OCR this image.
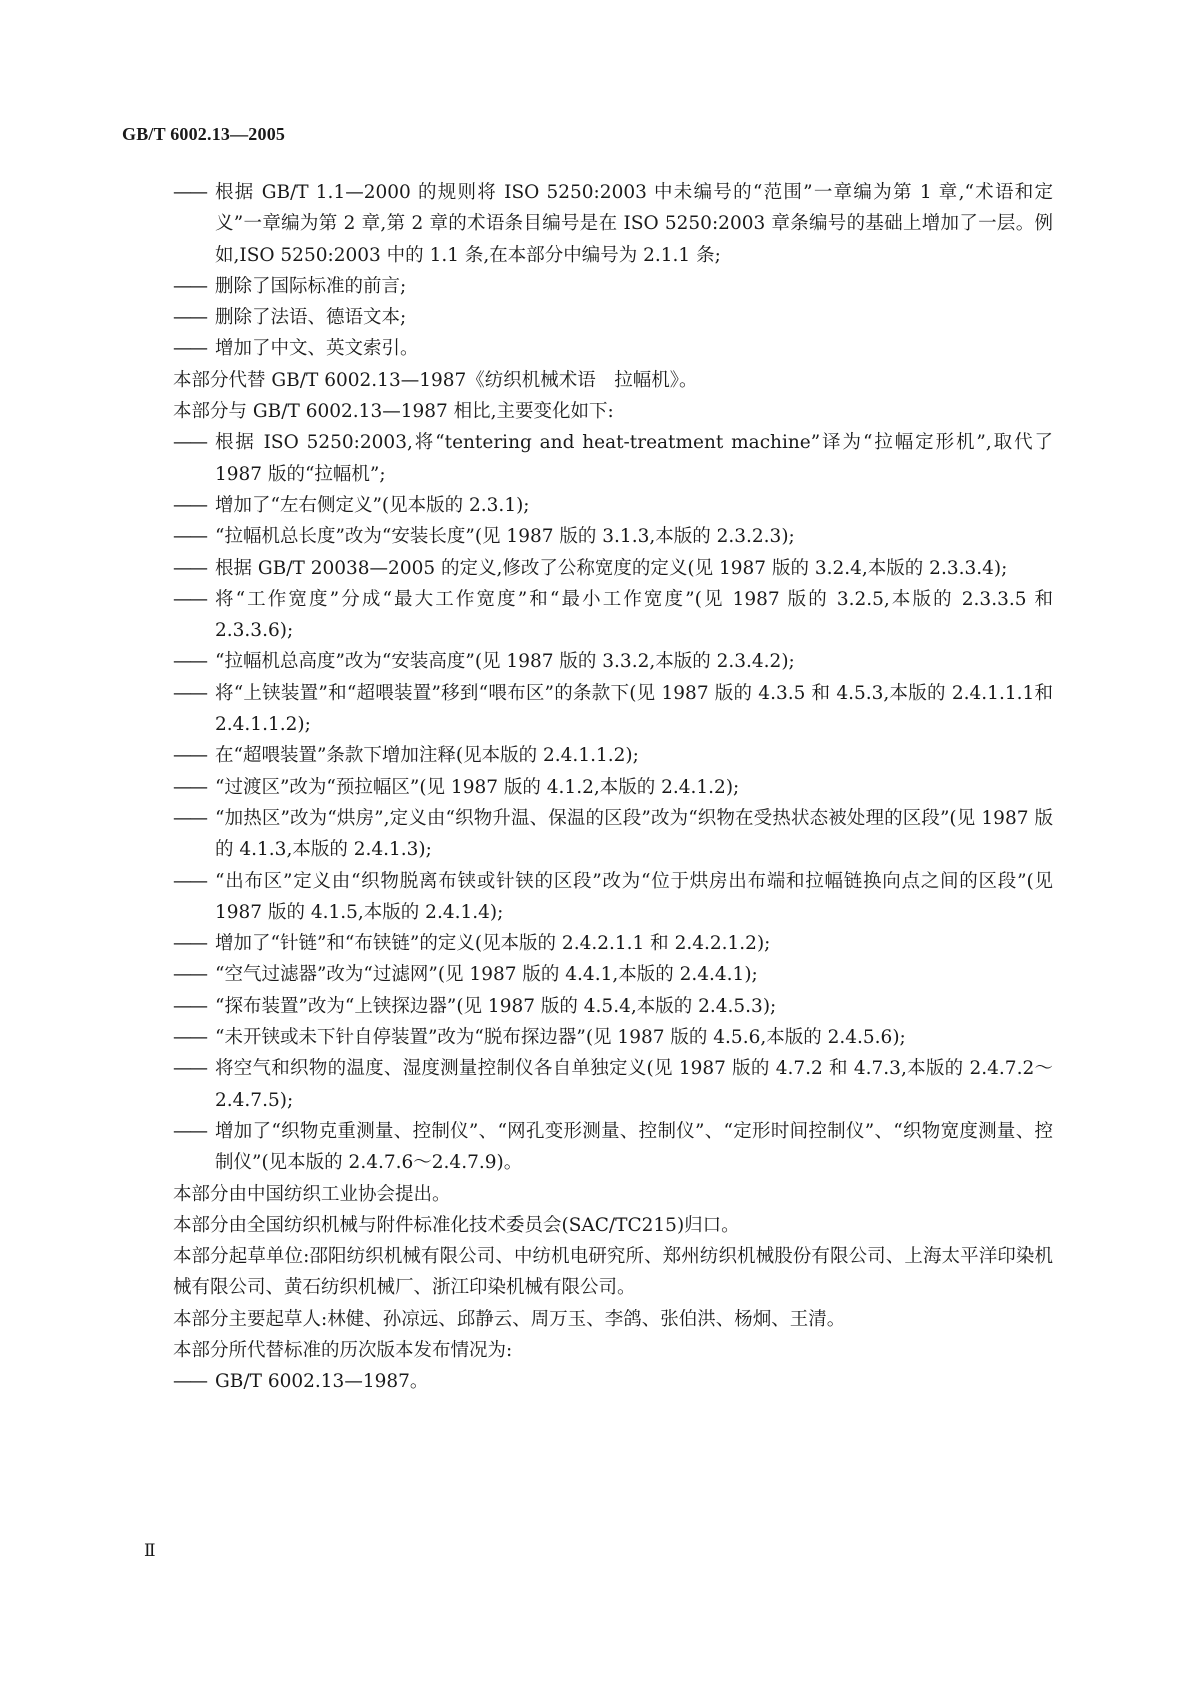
GB/T 6002.13—2005
—— 根据 GB/T 1.1—2000 的规则将 ISO 5250:2003 中未编号的“范围”一章编为第 1 章,“术语和定义”一章编为第 2 章,第 2 章的术语条目编号是在 ISO 5250:2003 章条编号的基础上增加了一层。例如,ISO 5250:2003 中的 1.1 条,在本部分中编号为 2.1.1 条;
—— 删除了国际标准的前言;
—— 删除了法语、德语文本;
—— 增加了中文、英文索引。
本部分代替 GB/T 6002.13—1987《纺织机械术语　拉幅机》。
本部分与 GB/T 6002.13—1987 相比,主要变化如下:
—— 根据 ISO 5250:2003,将“tentering and heat-treatment machine”译为“拉幅定形机”,取代了 1987 版的“拉幅机”;
—— 增加了“左右侧定义”(见本版的 2.3.1);
—— “拉幅机总长度”改为“安装长度”(见 1987 版的 3.1.3,本版的 2.3.2.3);
—— 根据 GB/T 20038—2005 的定义,修改了公称宽度的定义(见 1987 版的 3.2.4,本版的 2.3.3.4);
—— 将“工作宽度”分成“最大工作宽度”和“最小工作宽度”(见 1987 版的 3.2.5,本版的 2.3.3.5 和 2.3.3.6);
—— “拉幅机总高度”改为“安装高度”(见 1987 版的 3.3.2,本版的 2.3.4.2);
—— 将“上铗装置”和“超喂装置”移到“喂布区”的条款下(见 1987 版的 4.3.5 和 4.5.3,本版的 2.4.1.1.1和 2.4.1.1.2);
—— 在“超喂装置”条款下增加注释(见本版的 2.4.1.1.2);
—— “过渡区”改为“预拉幅区”(见 1987 版的 4.1.2,本版的 2.4.1.2);
—— “加热区”改为“烘房”,定义由“织物升温、保温的区段”改为“织物在受热状态被处理的区段”(见 1987 版的 4.1.3,本版的 2.4.1.3);
—— “出布区”定义由“织物脱离布铗或针铗的区段”改为“位于烘房出布端和拉幅链换向点之间的区段”(见 1987 版的 4.1.5,本版的 2.4.1.4);
—— 增加了“针链”和“布铗链”的定义(见本版的 2.4.2.1.1 和 2.4.2.1.2);
—— “空气过滤器”改为“过滤网”(见 1987 版的 4.4.1,本版的 2.4.4.1);
—— “探布装置”改为“上铗探边器”(见 1987 版的 4.5.4,本版的 2.4.5.3);
—— “未开铗或未下针自停装置”改为“脱布探边器”(见 1987 版的 4.5.6,本版的 2.4.5.6);
—— 将空气和织物的温度、湿度测量控制仪各自单独定义(见 1987 版的 4.7.2 和 4.7.3,本版的 2.4.7.2～2.4.7.5);
—— 增加了“织物克重测量、控制仪”、“网孔变形测量、控制仪”、“定形时间控制仪”、“织物宽度测量、控制仪”(见本版的 2.4.7.6～2.4.7.9)。
本部分由中国纺织工业协会提出。
本部分由全国纺织机械与附件标准化技术委员会(SAC/TC215)归口。
本部分起草单位:邵阳纺织机械有限公司、中纺机电研究所、郑州纺织机械股份有限公司、上海太平洋印染机械有限公司、黄石纺织机械厂、浙江印染机械有限公司。
本部分主要起草人:林健、孙凉远、邱静云、周万玉、李鸽、张伯洪、杨炯、王清。
本部分所代替标准的历次版本发布情况为:
—— GB/T 6002.13—1987。
Ⅱ
